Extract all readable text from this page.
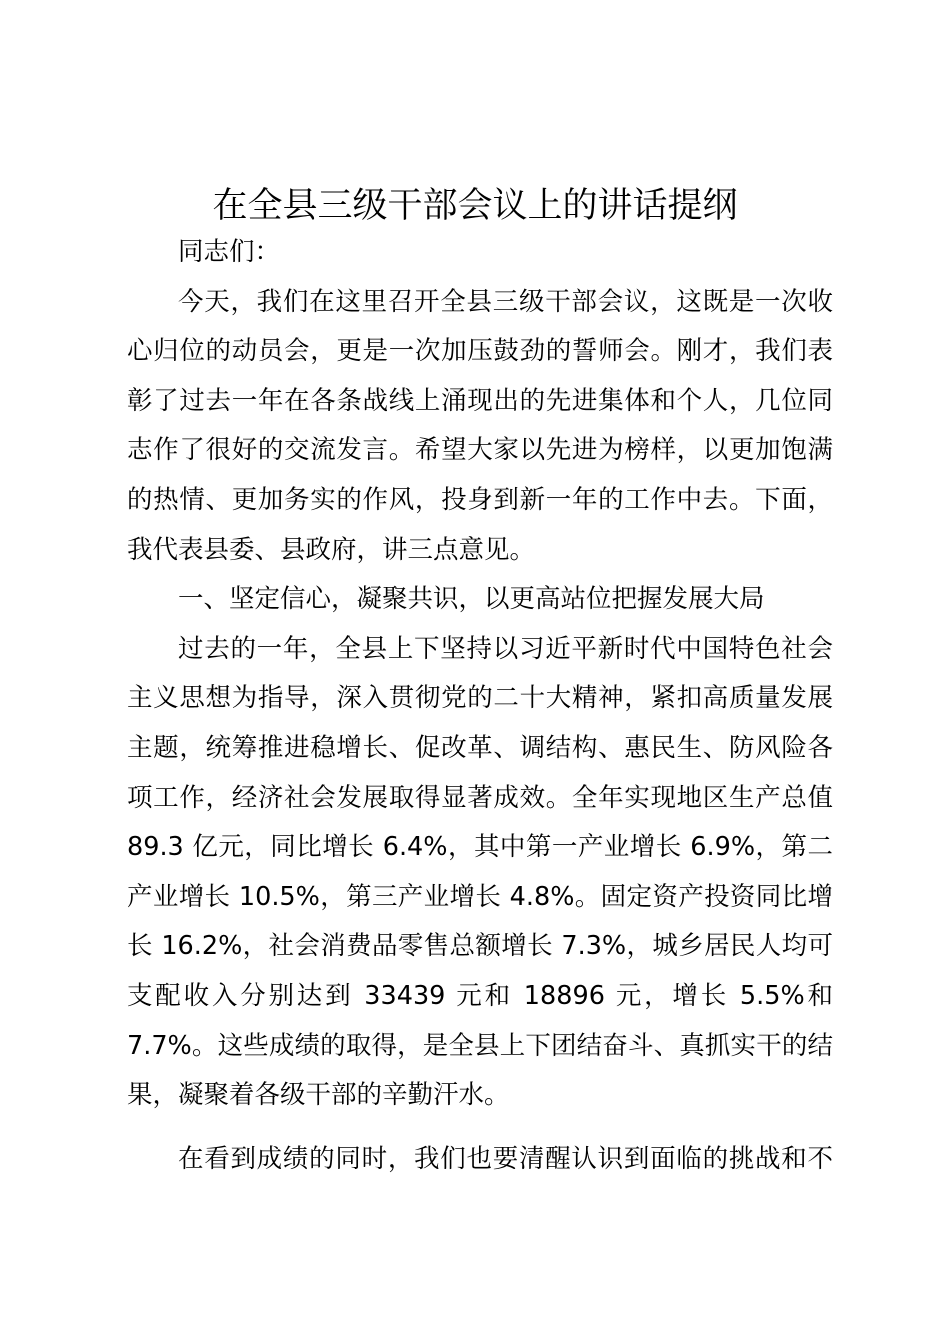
在全县三级干部会议上的讲话提纲
同志们：
今天，我们在这里召开全县三级干部会议，这既是一次收
心归位的动员会，更是一次加压鼓劲的誓师会。刚才，我们表
彰了过去一年在各条战线上涌现出的先进集体和个人，几位同
志作了很好的交流发言。希望大家以先进为榜样，以更加饱满
的热情、更加务实的作风，投身到新一年的工作中去。下面，
我代表县委、县政府，讲三点意见。
一、坚定信心，凝聚共识，以更高站位把握发展大局
过去的一年，全县上下坚持以习近平新时代中国特色社会
主义思想为指导，深入贯彻党的二十大精神，紧扣高质量发展
主题，统筹推进稳增长、促改革、调结构、惠民生、防风险各
项工作，经济社会发展取得显著成效。全年实现地区生产总值
89.3 亿元，同比增长 6.4%，其中第一产业增长 6.9%，第二
产业增长 10.5%，第三产业增长 4.8%。固定资产投资同比增
长 16.2%，社会消费品零售总额增长 7.3%，城乡居民人均可
支配收入分别达到 33439 元和 18896 元，增长 5.5%和
7.7%。这些成绩的取得，是全县上下团结奋斗、真抓实干的结
果，凝聚着各级干部的辛勤汗水。
在看到成绩的同时，我们也要清醒认识到面临的挑战和不
